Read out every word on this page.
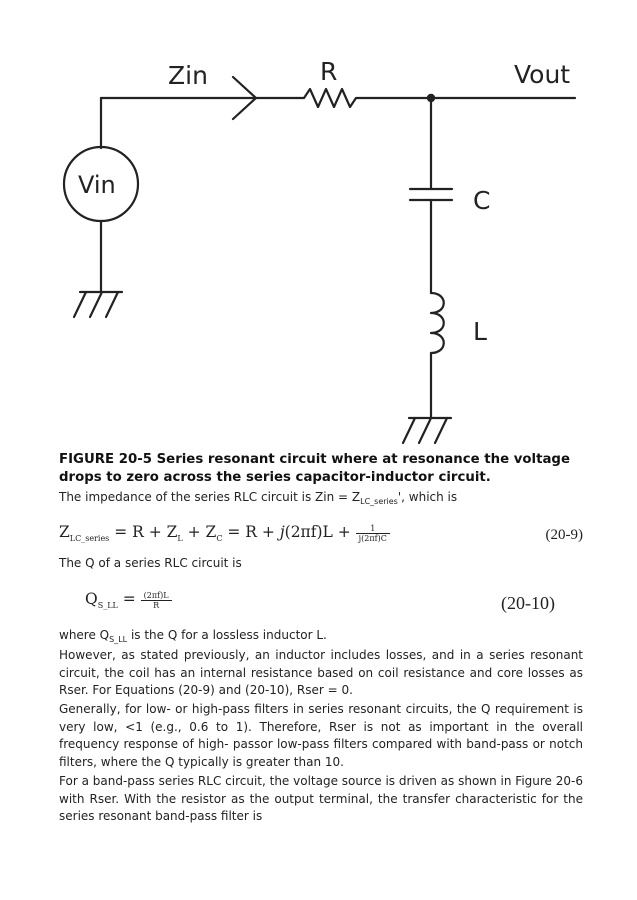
Zin	R	Vout
Vin
C
L
FIGURE 20-5 Series resonant circuit where at resonance the voltage drops to zero across the series capacitor-inductor circuit.
The impedance of the series RLC circuit is Zin = $Z_{LC\_series}'$, which is
$Z_{LC\_series} = R + Z_L + Z_C = R + j(2\pi f)L + \frac{1}{j(2\pi f)C}$	(20-9)
The Q of a series RLC circuit is
$Q_{S\_LL} = \frac{(2\pi f)L}{R}$	(20-10)
where $Q_{S\_LL}$ is the Q for a lossless inductor L.
However, as stated previously, an inductor includes losses, and in a series resonant circuit, the coil has an internal resistance based on coil resistance and core losses as Rser. For Equations (20-9) and (20-10), Rser = 0.
Generally, for low- or high-pass filters in series resonant circuits, the Q requirement is very low, <1 (e.g., 0.6 to 1). Therefore, Rser is not as important in the overall frequency response of high- passor low-pass filters compared with band-pass or notch filters, where the Q typically is greater than 10.
For a band-pass series RLC circuit, the voltage source is driven as shown in Figure 20-6 with Rser. With the resistor as the output terminal, the transfer characteristic for the series resonant band-pass filter is
